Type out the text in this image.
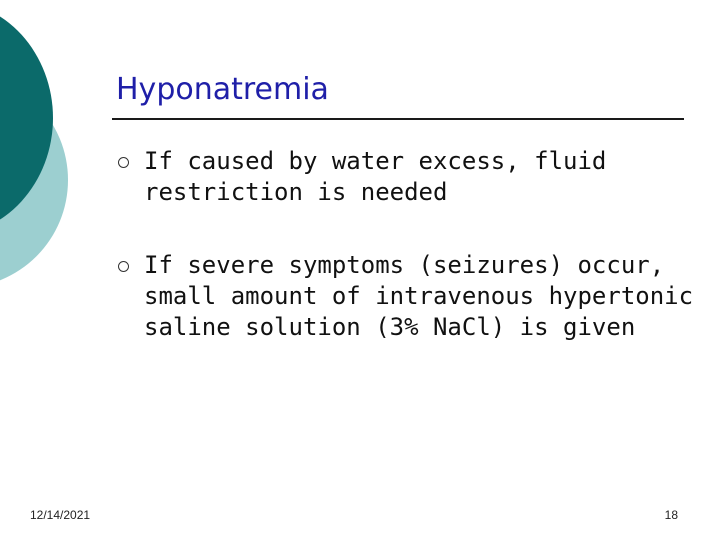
Hyponatremia
If caused by water excess, fluid restriction is needed
If severe symptoms (seizures) occur, small amount of intravenous hypertonic saline solution (3% NaCl) is given
12/14/2021	18
